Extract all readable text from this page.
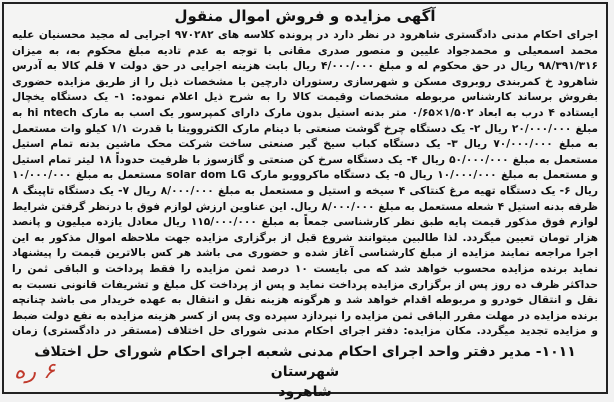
آگهی مزایده و فروش اموال منقول

اجرای احکام مدنی دادگستری شاهرود در نظر دارد در پرونده کلاسه های ۹۷۰۲۸۲ اجرایی له مجید محسنیان علیه محمد اسمعیلی و محمدجواد علیین و منصور صدری مقانی با توجه به عدم تادیه مبلغ محکوم به، به میزان ۹۸/۳۹۱/۳۱۶ ریال در حق محکوم له و مبلغ ۴/۰۰۰/۰۰۰ ریال بابت هزینه اجرایی در حق دولت ۷ قلم کالا به آدرس شاهرود خ کمربندی روبروی مسکن و شهرسازی رستوران دارچین با مشخصات ذیل را از طریق مزایده حضوری بفروش برساند کارشناس مربوطه مشخصات وقیمت کالا را به شرح ذیل اعلام نموده: ۱- یک دستگاه یخچال ایستاده ۴ درب به ابعاد ۱/۵۰۲×۰/۶۵ متر بدنه استیل بدون مارک دارای کمپرسور یک اسب به مارک hi ntech به مبلغ ۲۰/۰۰۰/۰۰۰ ریال ۲- یک دستگاه چرخ گوشت صنعتی با دینام مارک الکتروویتا با قدرت ۱/۱ کیلو وات مستعمل به مبلغ ۷۰/۰۰۰/۰۰۰ ریال ۳- یک دستگاه کباب سیخ گیر صنعتی ساخت شرکت محک ماشین بدنه تمام استیل مستعمل به مبلغ ۵۰/۰۰۰/۰۰۰ ریال ۴- یک دستگاه سرخ کن صنعتی و گازسوز با ظرفیت حدوداً ۱۸ لیتر تمام استیل و مستعمل به مبلغ ۱۰/۰۰۰/۰۰۰ ریال ۵- یک دستگاه ماکروویو مارک solar dom LG مستعمل به مبلغ ۱۰/۰۰۰/۰۰۰ ریال ۶- یک دستگاه تهیه مرغ کنتاکی ۴ سیخه و استیل و مستعمل به مبلغ ۸/۰۰۰/۰۰۰ ریال ۷- یک دستگاه تاپینگ ۸ ظرفه بدنه استیل ۴ شعله مستعمل به مبلغ ۸/۰۰۰/۰۰۰ ریال. این عناوین ارزش لوازم فوق با درنظر گرفتن شرایط لوازم فوق مذکور قیمت پایه طبق نظر کارشناسی جمعاً به مبلغ ۱۱۵/۰۰۰/۰۰۰ ریال معادل یازده میلیون و پانصد هزار تومان تعیین میگردد. لذا طالبین میتوانند شروع قبل از برگزاری مزایده جهت ملاحظه اموال مذکور به این اجرا مراجعه نمایند مزایده از مبلغ کارشناسی آغاز شده و حضوری می باشد هر کس بالاترین قیمت را پیشنهاد نماید برنده مزایده محسوب خواهد شد که می بایست ۱۰ درصد ثمن مزایده را فقط پرداخت و الباقی ثمن را حداکثر ظرف ده روز پس از برگزاری مزایده پرداخت نماید و پس از پرداخت کل مبلغ و تشریفات قانونی نسبت به نقل و انتقال خودرو و مربوطه اقدام خواهد شد و هرگونه هزینه نقل و انتقال به عهده خریدار می باشد چنانچه برنده مزایده در مهلت مقرر الباقی ثمن مزایده را نپردازد سپرده وی پس از کسر هزینه مزایده به نفع دولت ضبط و مزایده تجدید میگردد. مکان مزایده: دفتر اجرای احکام مدنی شورای حل اختلاف (مستقر در دادگستری) زمان

۱۰۱۱- مدیر دفتر واحد اجرای احکام مدنی شعبه اجرای احکام شورای حل اختلاف شهرستان
شاهرود
۶ ره
